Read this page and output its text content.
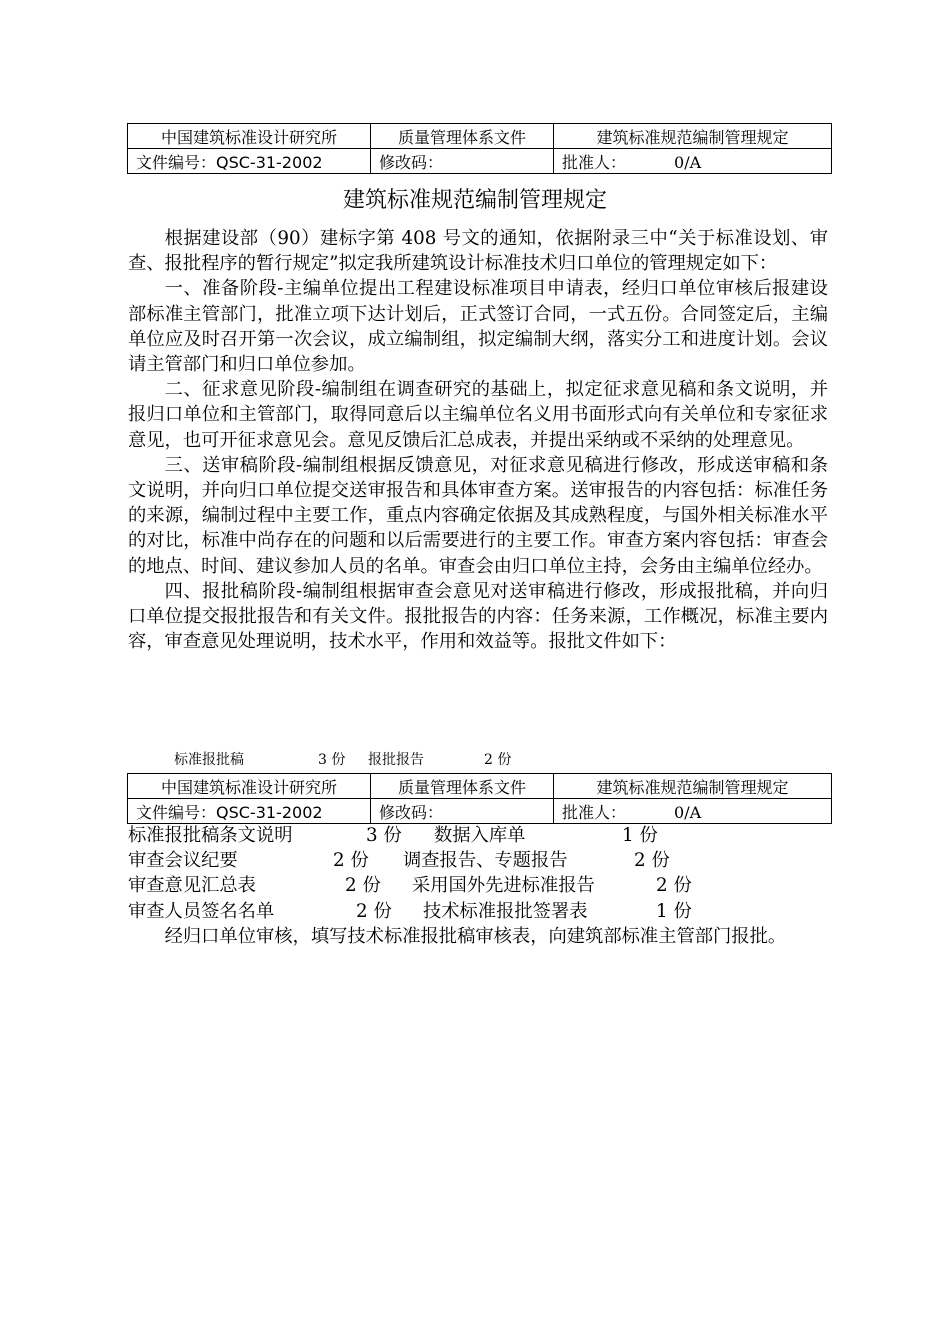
中国建筑标准设计研究所	质量管理体系文件	建筑标准规范编制管理规定
文件编号：QSC-31-2002	修改码：	批准人： 0/A
建筑标准规范编制管理规定

根据建设部（90）建标字第 408 号文的通知，依据附录三中“关于标准设划、审查、报批程序的暂行规定”拟定我所建筑设计标准技术归口单位的管理规定如下：

一、准备阶段-主编单位提出工程建设标准项目申请表，经归口单位审核后报建设部标准主管部门，批准立项下达计划后，正式签订合同，一式五份。合同签定后，主编单位应及时召开第一次会议，成立编制组，拟定编制大纲，落实分工和进度计划。会议请主管部门和归口单位参加。

二、征求意见阶段-编制组在调查研究的基础上，拟定征求意见稿和条文说明，并报归口单位和主管部门，取得同意后以主编单位名义用书面形式向有关单位和专家征求意见，也可开征求意见会。意见反馈后汇总成表，并提出采纳或不采纳的处理意见。

三、送审稿阶段-编制组根据反馈意见，对征求意见稿进行修改，形成送审稿和条文说明，并向归口单位提交送审报告和具体审查方案。送审报告的内容包括：标准任务的来源，编制过程中主要工作，重点内容确定依据及其成熟程度，与国外相关标准水平的对比，标准中尚存在的问题和以后需要进行的主要工作。审查方案内容包括：审查会的地点、时间、建议参加人员的名单。审查会由归口单位主持，会务由主编单位经办。

四、报批稿阶段-编制组根据审查会意见对送审稿进行修改，形成报批稿，并向归口单位提交报批报告和有关文件。报批报告的内容：任务来源，工作概况，标准主要内容，审查意见处理说明，技术水平，作用和效益等。报批文件如下：

标准报批稿	3 份 报批报告	2 份
中国建筑标准设计研究所	质量管理体系文件	建筑标准规范编制管理规定
文件编号：QSC-31-2002	修改码：	批准人： 0/A
标准报批稿条文说明	3 份 数据入库单	1 份
审查会议纪要	2 份 调查报告、专题报告	2 份
审查意见汇总表	2 份 采用国外先进标准报告	2 份
审查人员签名名单	2 份 技术标准报批签署表	1 份

经归口单位审核，填写技术标准报批稿审核表，向建筑部标准主管部门报批。
